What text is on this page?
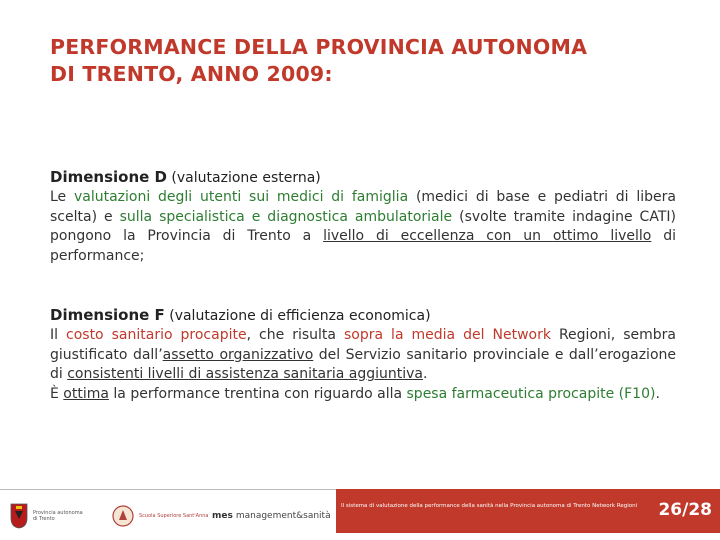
PERFORMANCE DELLA PROVINCIA AUTONOMA
DI TRENTO, ANNO 2009:
Dimensione D (valutazione esterna)
Le valutazioni degli utenti sui medici di famiglia (medici di base e pediatri di libera scelta) e sulla specialistica e diagnostica ambulatoriale (svolte tramite indagine CATI) pongono la Provincia di Trento a livello di eccellenza con un ottimo livello di performance;
Dimensione F (valutazione di efficienza economica)
Il costo sanitario procapite, che risulta sopra la media del Network Regioni, sembra giustificato dall’assetto organizzativo del Servizio sanitario provinciale e dall’erogazione di consistenti livelli di assistenza sanitaria aggiuntiva.
È ottima la performance trentina con riguardo alla spesa farmaceutica procapite (F10).
Provincia autonoma di Trento	Scuola Superiore Sant'Anna mes management&sanità

Il sistema di valutazione della performance della sanità nella Provincia autonoma di Trento Network Regioni 26/28
